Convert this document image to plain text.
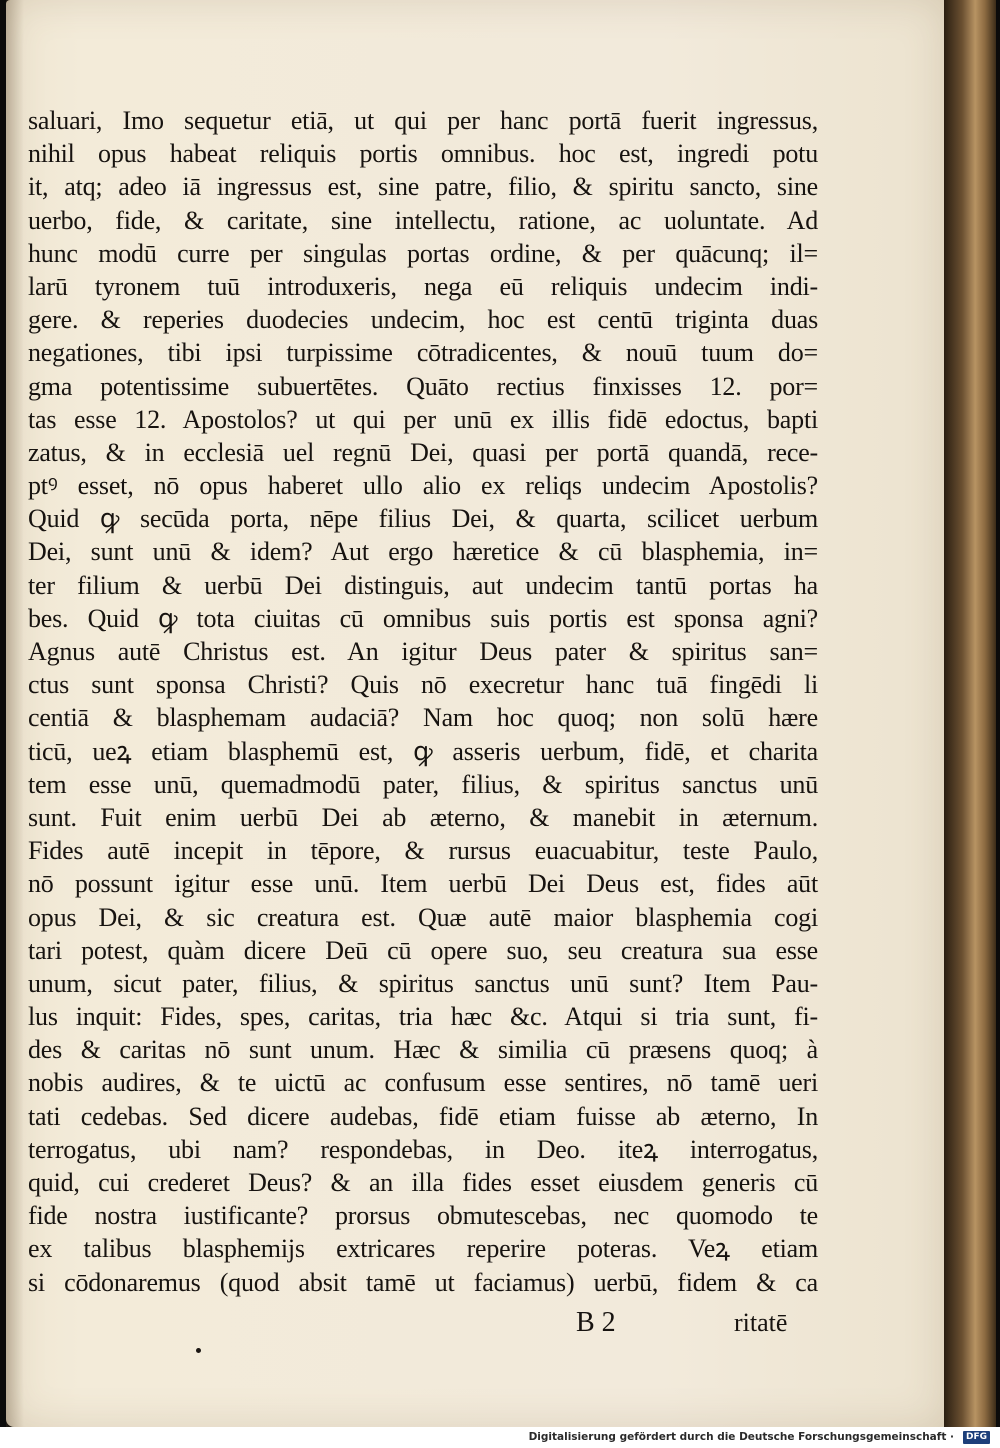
saluari, Imo sequetur etiā, ut qui per hanc portā fuerit ingressus,
nihil opus habeat reliquis portis omnibus. hoc est, ingredi potu
it, atq; adeo iā ingressus est, sine patre, filio, & spiritu sancto, sine
uerbo, fide, & caritate, sine intellectu, ratione, ac uoluntate. Ad
hunc modū curre per singulas portas ordine, & per quācunq; il=
larū tyronem tuū introduxeris, nega eū reliquis undecim indi-
gere. & reperies duodecies undecim, hoc est centū triginta duas
negationes, tibi ipsi turpissime cōtradicentes, & nouū tuum do=
gma potentissime subuertētes. Quāto rectius finxisses 12. por=
tas esse 12. Apostolos? ut qui per unū ex illis fidē edoctus, bapti
zatus, & in ecclesiā uel regnū Dei, quasi per portā quandā, rece-
ptꝰ esset, nō opus haberet ullo alio ex reliqs undecim Apostolis?
Quid ꝙ secūda porta, nēpe filius Dei, & quarta, scilicet uerbum
Dei, sunt unū & idem? Aut ergo hæretice & cū blasphemia, in=
ter filium & uerbū Dei distinguis, aut undecim tantū portas ha
bes. Quid ꝙ tota ciuitas cū omnibus suis portis est sponsa agni?
Agnus autē Christus est. An igitur Deus pater & spiritus san=
ctus sunt sponsa Christi? Quis nō execretur hanc tuā fingēdi li
centiā & blasphemam audaciā? Nam hoc quoq; non solū hære
ticū, ueꝝ etiam blasphemū est, ꝙ asseris uerbum, fidē, et charita
tem esse unū, quemadmodū pater, filius, & spiritus sanctus unū
sunt. Fuit enim uerbū Dei ab æterno, & manebit in æternum.
Fides autē incepit in tēpore, & rursus euacuabitur, teste Paulo,
nō possunt igitur esse unū. Item uerbū Dei Deus est, fides aūt
opus Dei, & sic creatura est. Quæ autē maior blasphemia cogi
tari potest, quàm dicere Deū cū opere suo, seu creatura sua esse
unum, sicut pater, filius, & spiritus sanctus unū sunt? Item Pau-
lus inquit: Fides, spes, caritas, tria hæc &c. Atqui si tria sunt, fi-
des & caritas nō sunt unum. Hæc & similia cū præsens quoq; à
nobis audires, & te uictū ac confusum esse sentires, nō tamē ueri
tati cedebas. Sed dicere audebas, fidē etiam fuisse ab æterno, In
terrogatus, ubi nam? respondebas, in Deo. iteꝝ interrogatus,
quid, cui crederet Deus? & an illa fides esset eiusdem generis cū
fide nostra iustificante? prorsus obmutescebas, nec quomodo te
ex talibus blasphemijs extricares reperire poteras. Veꝝ etiam
si cōdonaremus (quod absit tamē ut faciamus) uerbū, fidem & ca
B 2	ritatē
Digitalisierung gefördert durch die Deutsche Forschungsgemeinschaft ·	DFG
